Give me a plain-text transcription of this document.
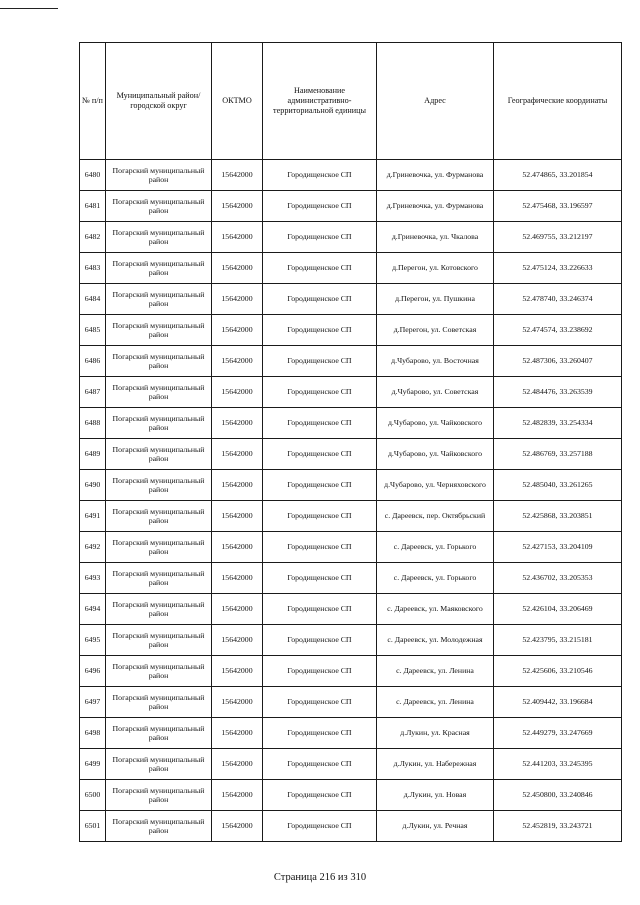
№ п/п	Муниципальный район/городской округ	ОКТМО	Наименование административно-территориальной единицы	Адрес	Географические координаты
6480	Погарский муниципальный район	15642000	Городищенское СП	д.Гриневочка, ул. Фурманова	52.474865, 33.201854
6481	Погарский муниципальный район	15642000	Городищенское СП	д.Гриневочка, ул. Фурманова	52.475468, 33.196597
6482	Погарский муниципальный район	15642000	Городищенское СП	д.Гриневочка, ул. Чкалова	52.469755, 33.212197
6483	Погарский муниципальный район	15642000	Городищенское СП	д.Перегон, ул. Котовского	52.475124, 33.226633
6484	Погарский муниципальный район	15642000	Городищенское СП	д.Перегон, ул. Пушкина	52.478740, 33.246374
6485	Погарский муниципальный район	15642000	Городищенское СП	д.Перегон, ул. Советская	52.474574, 33.238692
6486	Погарский муниципальный район	15642000	Городищенское СП	д.Чубарово, ул. Восточная	52.487306, 33.260407
6487	Погарский муниципальный район	15642000	Городищенское СП	д.Чубарово, ул. Советская	52.484476, 33.263539
6488	Погарский муниципальный район	15642000	Городищенское СП	д.Чубарово, ул. Чайковского	52.482839, 33.254334
6489	Погарский муниципальный район	15642000	Городищенское СП	д.Чубарово, ул. Чайковского	52.486769, 33.257188
6490	Погарский муниципальный район	15642000	Городищенское СП	д.Чубарово, ул. Черняховского	52.485040, 33.261265
6491	Погарский муниципальный район	15642000	Городищенское СП	с. Дареевск, пер. Октябрьский	52.425868, 33.203851
6492	Погарский муниципальный район	15642000	Городищенское СП	с. Дареевск, ул. Горького	52.427153, 33.204109
6493	Погарский муниципальный район	15642000	Городищенское СП	с. Дареевск, ул. Горького	52.436702, 33.205353
6494	Погарский муниципальный район	15642000	Городищенское СП	с. Дареевск, ул. Маяковского	52.426104, 33.206469
6495	Погарский муниципальный район	15642000	Городищенское СП	с. Дареевск, ул. Молодежная	52.423795, 33.215181
6496	Погарский муниципальный район	15642000	Городищенское СП	с. Дареевск, ул. Ленина	52.425606, 33.210546
6497	Погарский муниципальный район	15642000	Городищенское СП	с. Дареевск, ул. Ленина	52.409442, 33.196684
6498	Погарский муниципальный район	15642000	Городищенское СП	д.Лукин, ул. Красная	52.449279, 33.247669
6499	Погарский муниципальный район	15642000	Городищенское СП	д.Лукин, ул. Набережная	52.441203, 33.245395
6500	Погарский муниципальный район	15642000	Городищенское СП	д.Лукин, ул. Новая	52.450800, 33.240846
6501	Погарский муниципальный район	15642000	Городищенское СП	д.Лукин, ул. Речная	52.452819, 33.243721
Страница 216 из 310
